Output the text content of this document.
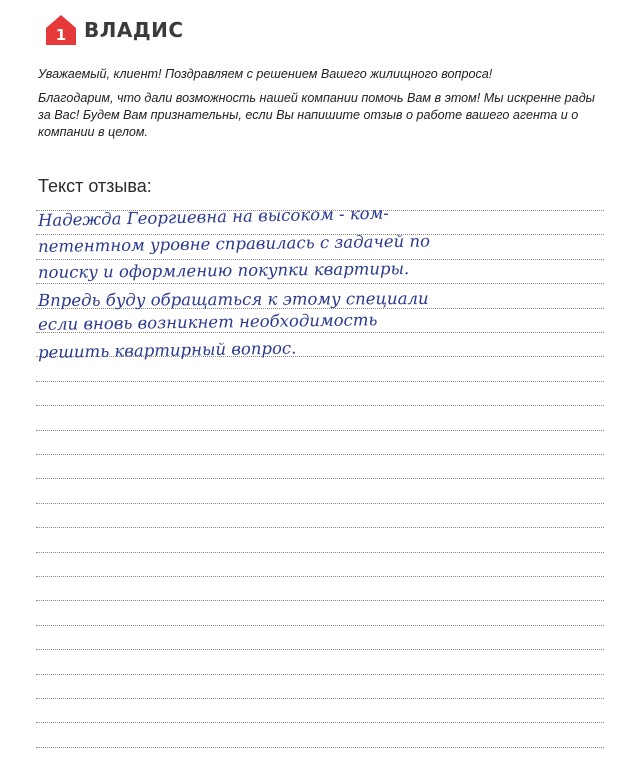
1 ВЛАДИС

Уважаемый, клиент! Поздравляем с решением Вашего жилищного вопроса!

Благодарим, что дали возможность нашей компании помочь Вам в этом! Мы искренне рады за Вас! Будем Вам признательны, если Вы напишите отзыв о работе вашего агента и о компании в целом.

Текст отзыва:
Надежда Георгиевна на высоком - ком-
петентном уровне справилась с задачей по
поиску и оформлению покупки квартиры.
Впредь буду обращаться к этому специали
если вновь возникнет необходимость
решить квартирный вопрос.
